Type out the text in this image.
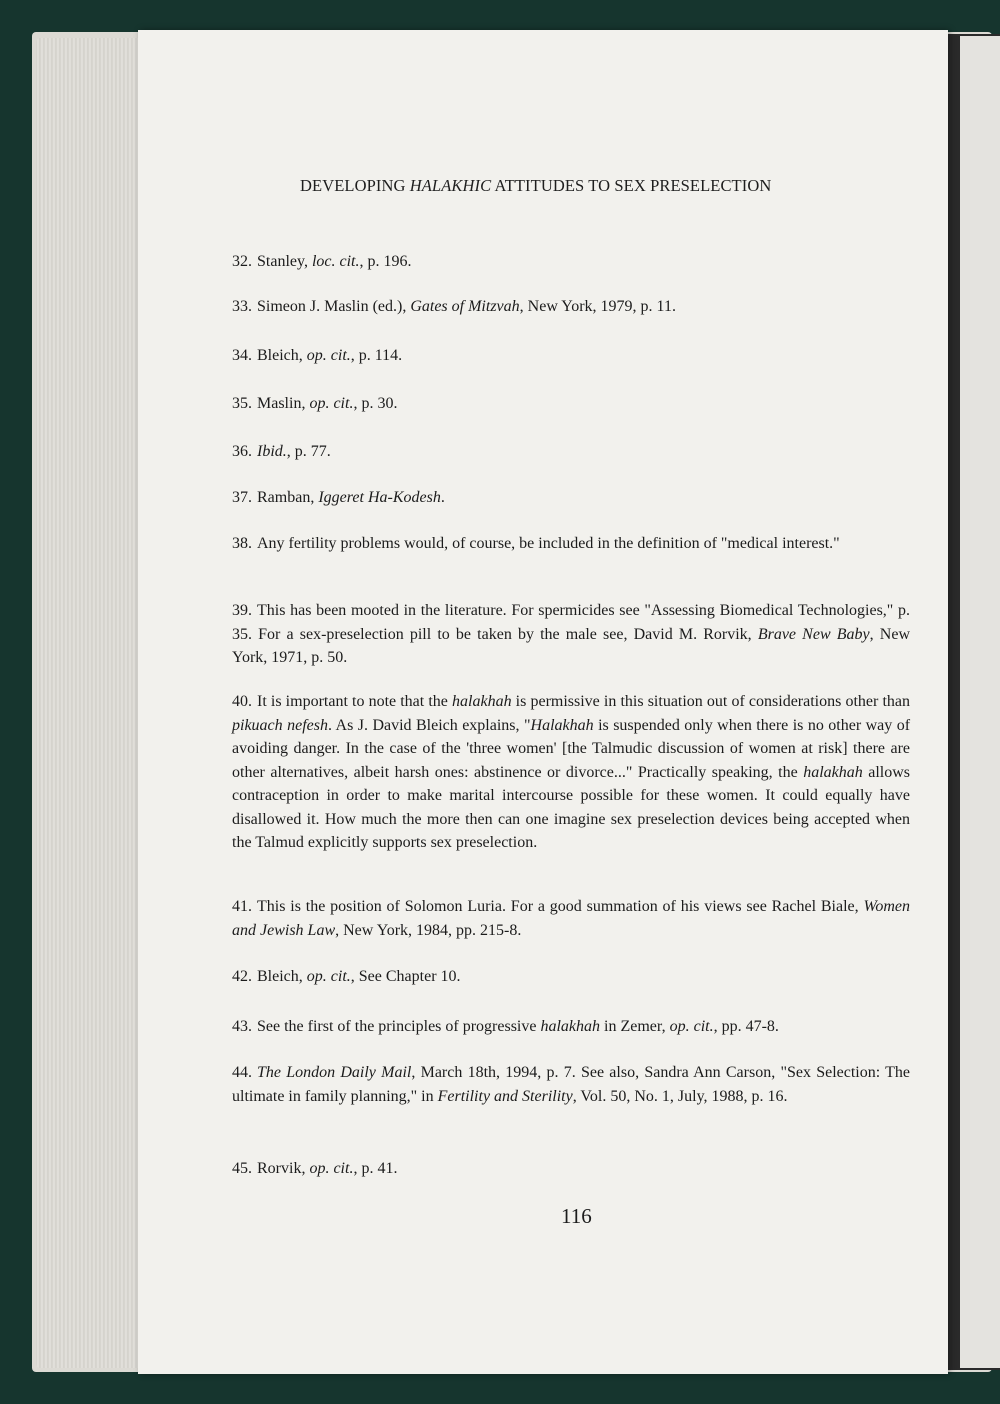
DEVELOPING HALAKHIC ATTITUDES TO SEX PRESELECTION
32. Stanley, loc. cit., p. 196.
33. Simeon J. Maslin (ed.), Gates of Mitzvah, New York, 1979, p. 11.
34. Bleich, op. cit., p. 114.
35. Maslin, op. cit., p. 30.
36. Ibid., p. 77.
37. Ramban, Iggeret Ha-Kodesh.
38. Any fertility problems would, of course, be included in the definition of "medical interest."
39. This has been mooted in the literature. For spermicides see "Assessing Biomedical Technologies," p. 35. For a sex-preselection pill to be taken by the male see, David M. Rorvik, Brave New Baby, New York, 1971, p. 50.
40. It is important to note that the halakhah is permissive in this situation out of considerations other than pikuach nefesh. As J. David Bleich explains, "Halakhah is suspended only when there is no other way of avoiding danger. In the case of the 'three women' [the Talmudic discussion of women at risk] there are other alternatives, albeit harsh ones: abstinence or divorce..." Practically speaking, the halakhah allows contraception in order to make marital intercourse possible for these women. It could equally have disallowed it. How much the more then can one imagine sex preselection devices being accepted when the Talmud explicitly supports sex preselection.
41. This is the position of Solomon Luria. For a good summation of his views see Rachel Biale, Women and Jewish Law, New York, 1984, pp. 215-8.
42. Bleich, op. cit., See Chapter 10.
43. See the first of the principles of progressive halakhah in Zemer, op. cit., pp. 47-8.
44. The London Daily Mail, March 18th, 1994, p. 7. See also, Sandra Ann Carson, "Sex Selection: The ultimate in family planning," in Fertility and Sterility, Vol. 50, No. 1, July, 1988, p. 16.
45. Rorvik, op. cit., p. 41.
116
